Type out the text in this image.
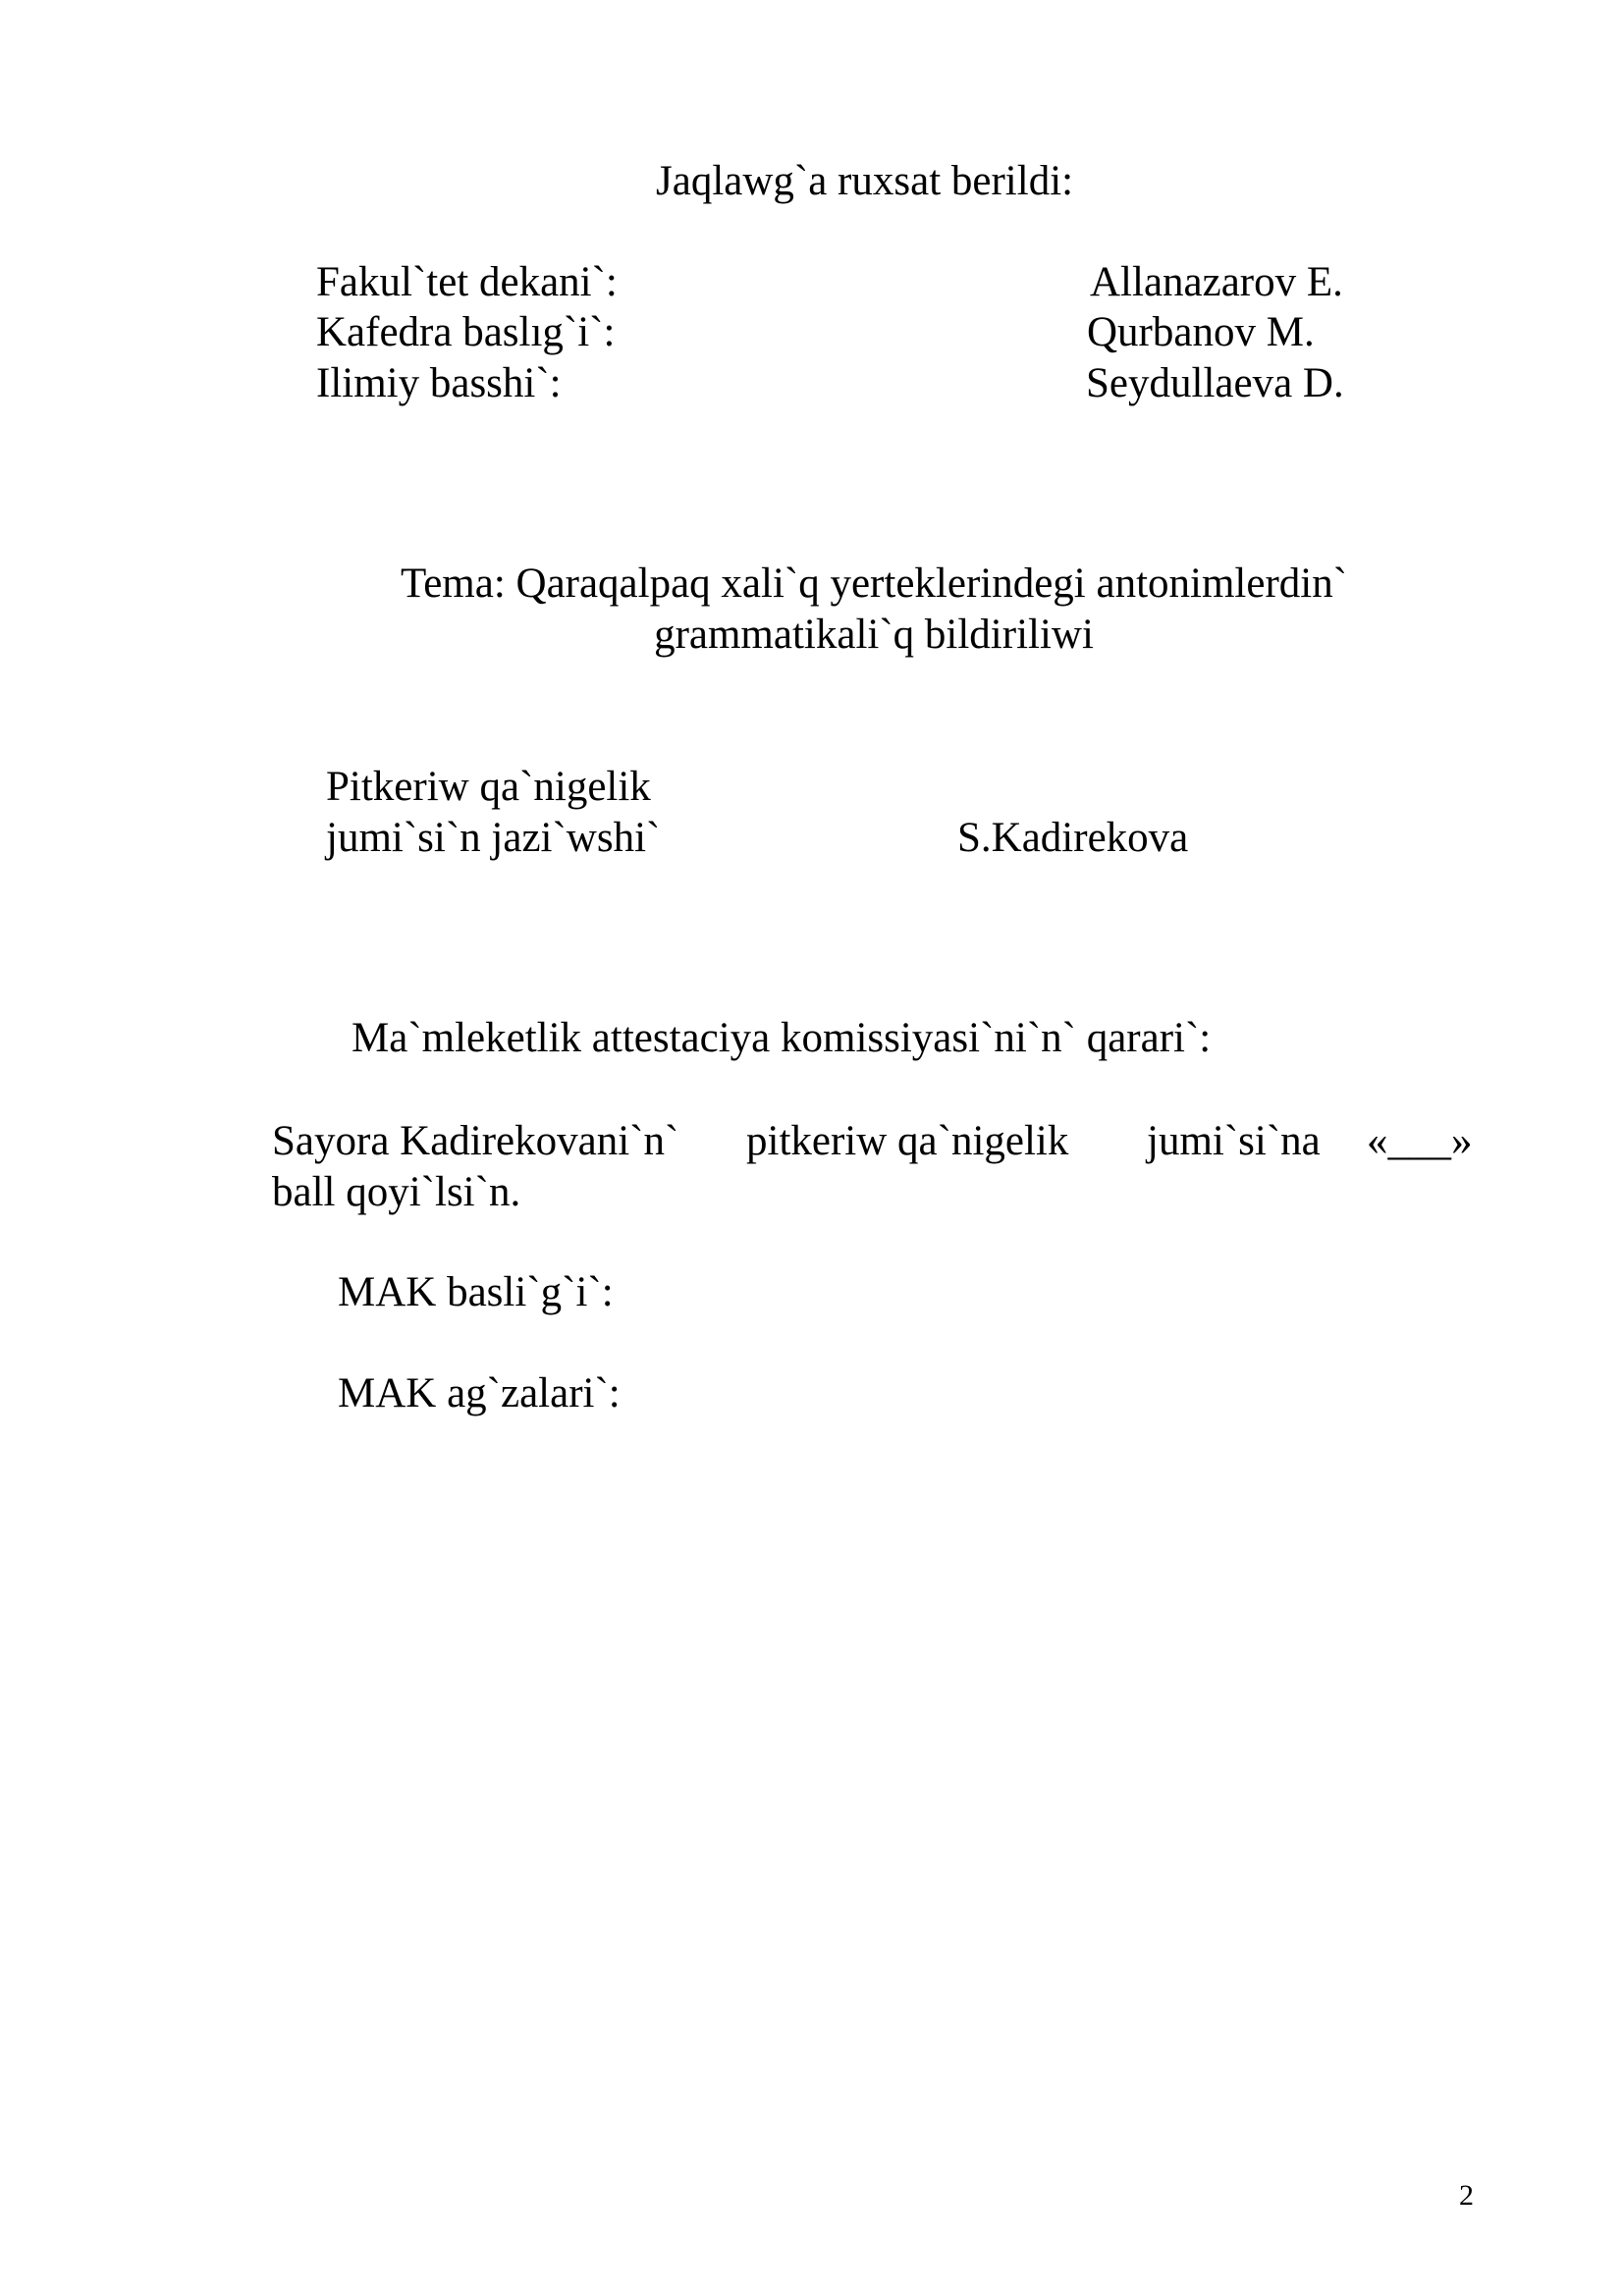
Jaqlawg`a ruxsat berildi:
Fakul`tet dekani`:	Allanazarov E.
Kafedra baslıg`i`:	Qurbanov M.
Ilimiy basshi`:	Seydullaeva D.
Tema: Qaraqalpaq xali`q yerteklerindegi antonimlerdin`
grammatikali`q bildiriliwi
Pitkeriw qa`nigelik
jumi`si`n jazi`wshi`	S.Kadirekova
Ma`mleketlik attestaciya komissiyasi`ni`n` qarari`:
Sayora Kadirekovani`n` pitkeriw qa`nigelik jumi`si`na «___»
ball qoyi`lsi`n.
MAK basli`g`i`:
MAK ag`zalari`:
2
